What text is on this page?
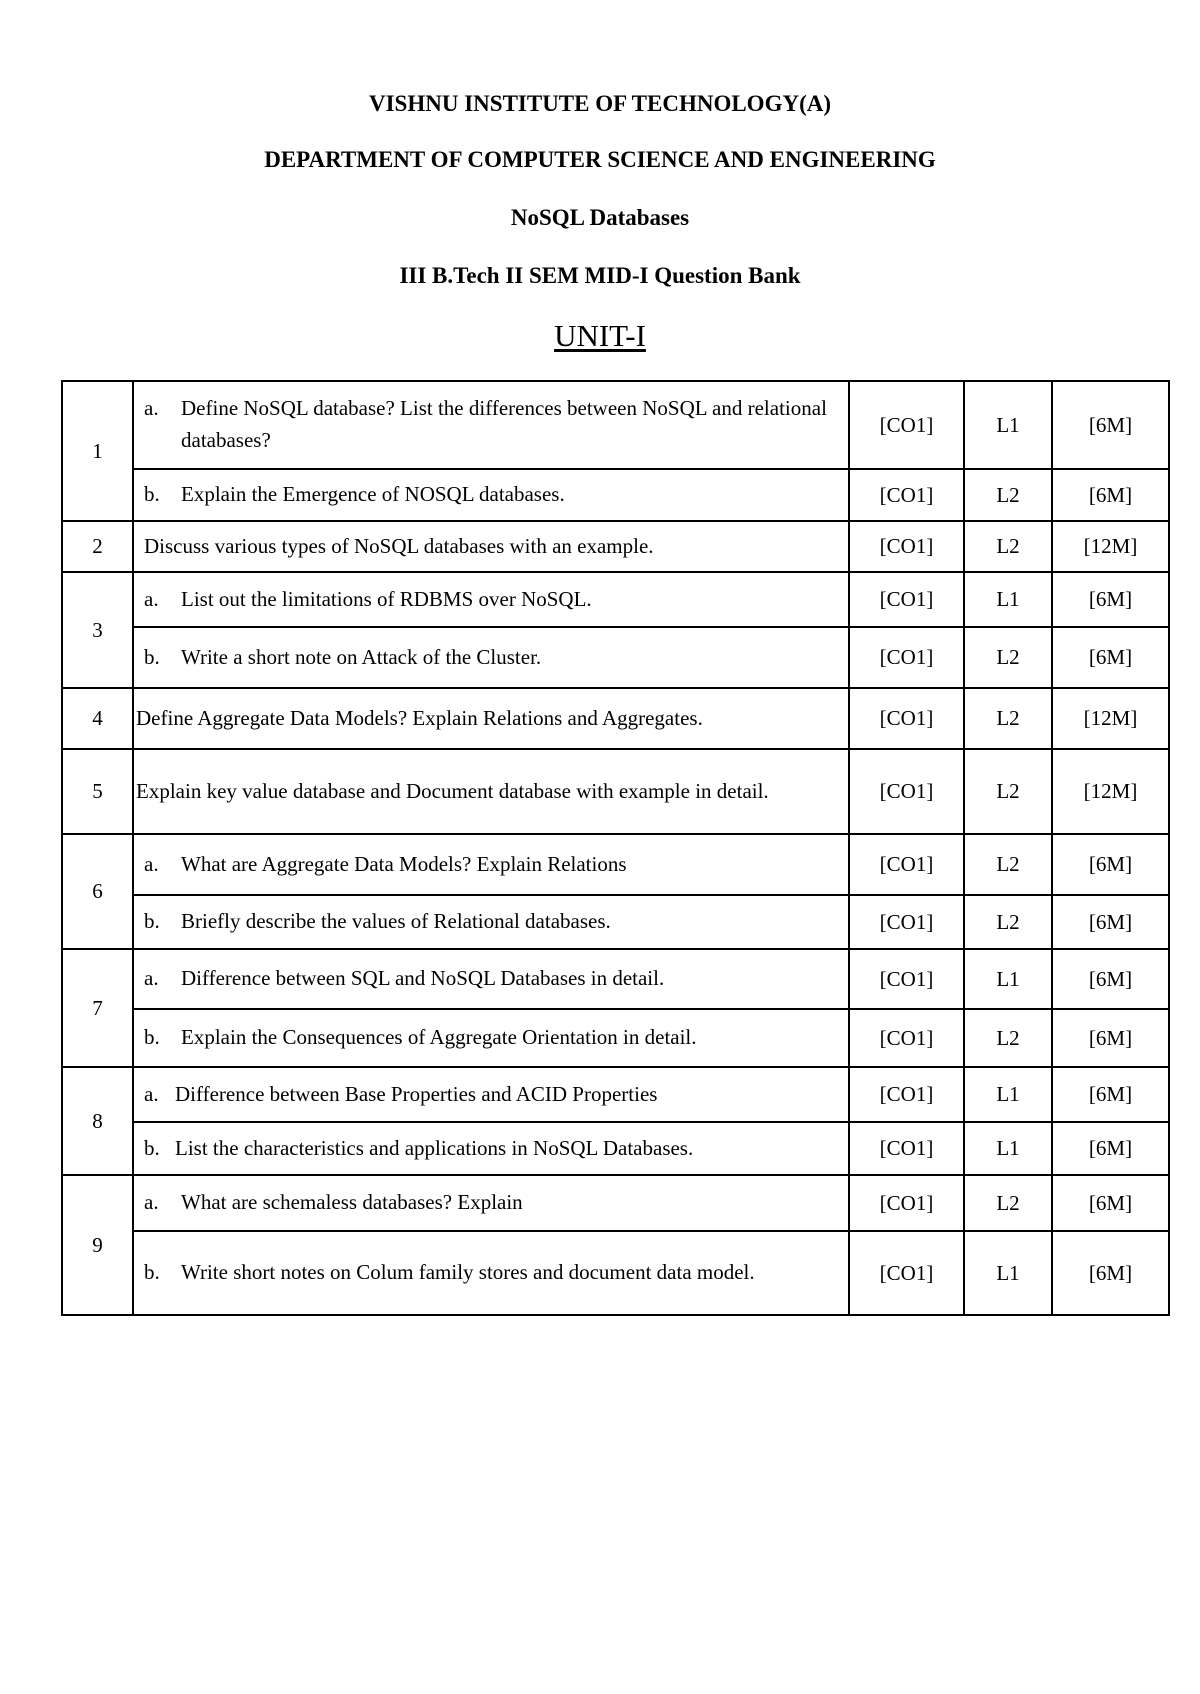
VISHNU INSTITUTE OF TECHNOLOGY(A)
DEPARTMENT OF COMPUTER SCIENCE AND ENGINEERING
NoSQL Databases
III B.Tech II SEM MID-I Question Bank
UNIT-I
1	a. Define NoSQL database? List the differences between NoSQL and relational databases?	[CO1]	L1	[6M]

	b. Explain the Emergence of NOSQL databases.	[CO1]	L2	[6M]
2	Discuss various types of NoSQL databases with an example.	[CO1]	L2	[12M]
3	a. List out the limitations of RDBMS over NoSQL.	[CO1]	L1	[6M]

	b. Write a short note on Attack of the Cluster.	[CO1]	L2	[6M]
4	Define Aggregate Data Models? Explain Relations and Aggregates.	[CO1]	L2	[12M]
5	Explain key value database and Document database with example in detail.	[CO1]	L2	[12M]
6	a. What are Aggregate Data Models? Explain Relations	[CO1]	L2	[6M]

	b. Briefly describe the values of Relational databases.	[CO1]	L2	[6M]
7	a. Difference between SQL and NoSQL Databases in detail.	[CO1]	L1	[6M]

	b. Explain the Consequences of Aggregate Orientation in detail.	[CO1]	L2	[6M]
8	a. Difference between Base Properties and ACID Properties	[CO1]	L1	[6M]

	b. List the characteristics and applications in NoSQL Databases.	[CO1]	L1	[6M]
9	a. What are schemaless databases? Explain	[CO1]	L2	[6M]

	b. Write short notes on Colum family stores and document data model.	[CO1]	L1	[6M]
